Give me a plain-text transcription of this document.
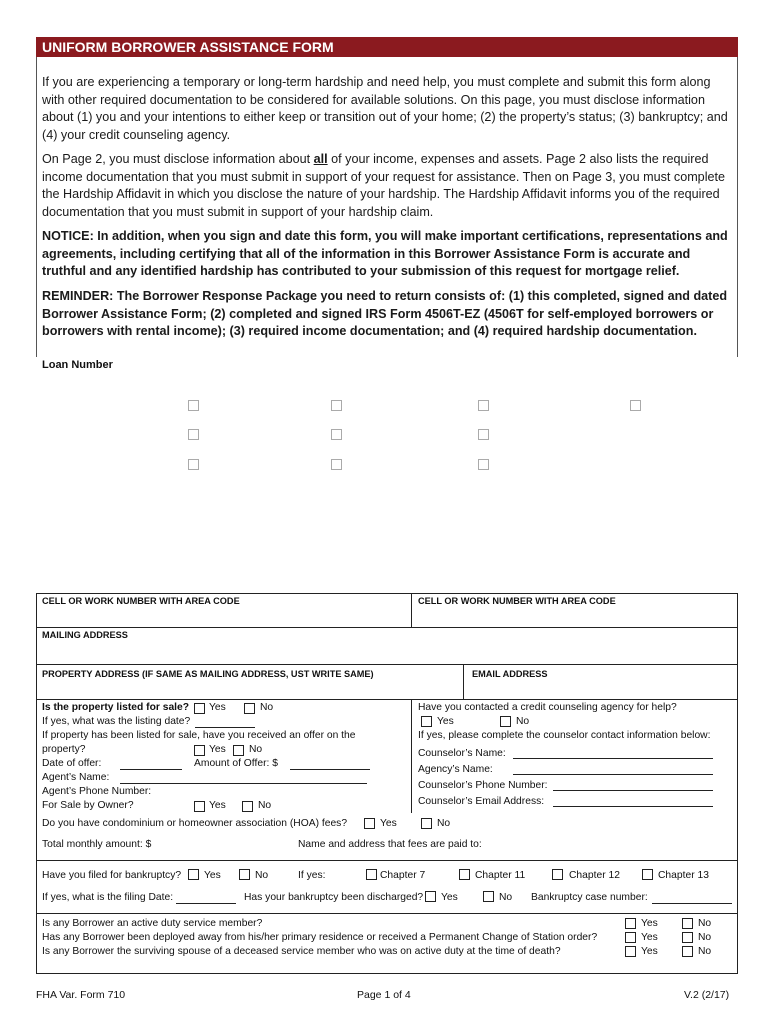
UNIFORM BORROWER ASSISTANCE FORM
If you are experiencing a temporary or long-term hardship and need help, you must complete and submit this form along with other required documentation to be considered for available solutions. On this page, you must disclose information about (1) you and your intentions to either keep or transition out of your home; (2) the property’s status; (3) bankruptcy; and (4) your credit counseling agency.
On Page 2, you must disclose information about all of your income, expenses and assets. Page 2 also lists the required income documentation that you must submit in support of your request for assistance. Then on Page 3, you must complete the Hardship Affidavit in which you disclose the nature of your hardship. The Hardship Affidavit informs you of the required documentation that you must submit in support of your hardship claim.
NOTICE: In addition, when you sign and date this form, you will make important certifications, representations and agreements, including certifying that all of the information in this Borrower Assistance Form is accurate and truthful and any identified hardship has contributed to your submission of this request for mortgage relief.
REMINDER: The Borrower Response Package you need to return consists of: (1) this completed, signed and dated Borrower Assistance Form; (2) completed and signed IRS Form 4506T-EZ (4506T for self-employed borrowers or borrowers with rental income); (3) required income documentation; and (4) required hardship documentation.
Loan Number
CELL OR WORK NUMBER WITH AREA CODE	CELL OR WORK NUMBER WITH AREA CODE
MAILING ADDRESS
PROPERTY ADDRESS (IF SAME AS MAILING ADDRESS, UST WRITE SAME)	EMAIL ADDRESS
Is the property listed for sale? Yes	No
If yes, what was the listing date?
If property has been listed for sale, have you received an offer on the
property?	Yes No
Date of offer:	Amount of Offer: $
Agent’s Name:
Agent’s Phone Number:
For Sale by Owner?	Yes	No
Have you contacted a credit counseling agency for help?
Yes	No
If yes, please complete the counselor contact information below:
Counselor’s Name:
Agency’s Name:
Counselor’s Phone Number:
Counselor’s Email Address:
Do you have condominium or homeowner association (HOA) fees?	Yes	No
Total monthly amount: $	Name and address that fees are paid to:
Have you filed for bankruptcy? Yes	No	If yes:	Chapter 7	Chapter 11	Chapter 12	Chapter 13
If yes, what is the filing Date:	Has your bankruptcy been discharged? Yes	No Bankruptcy case number:
Is any Borrower an active duty service member?	Yes	No
Has any Borrower been deployed away from his/her primary residence or received a Permanent Change of Station order?	Yes	No
Is any Borrower the surviving spouse of a deceased service member who was on active duty at the time of death?	Yes	No
FHA Var. Form 710	Page 1 of 4	V.2 (2/17)
